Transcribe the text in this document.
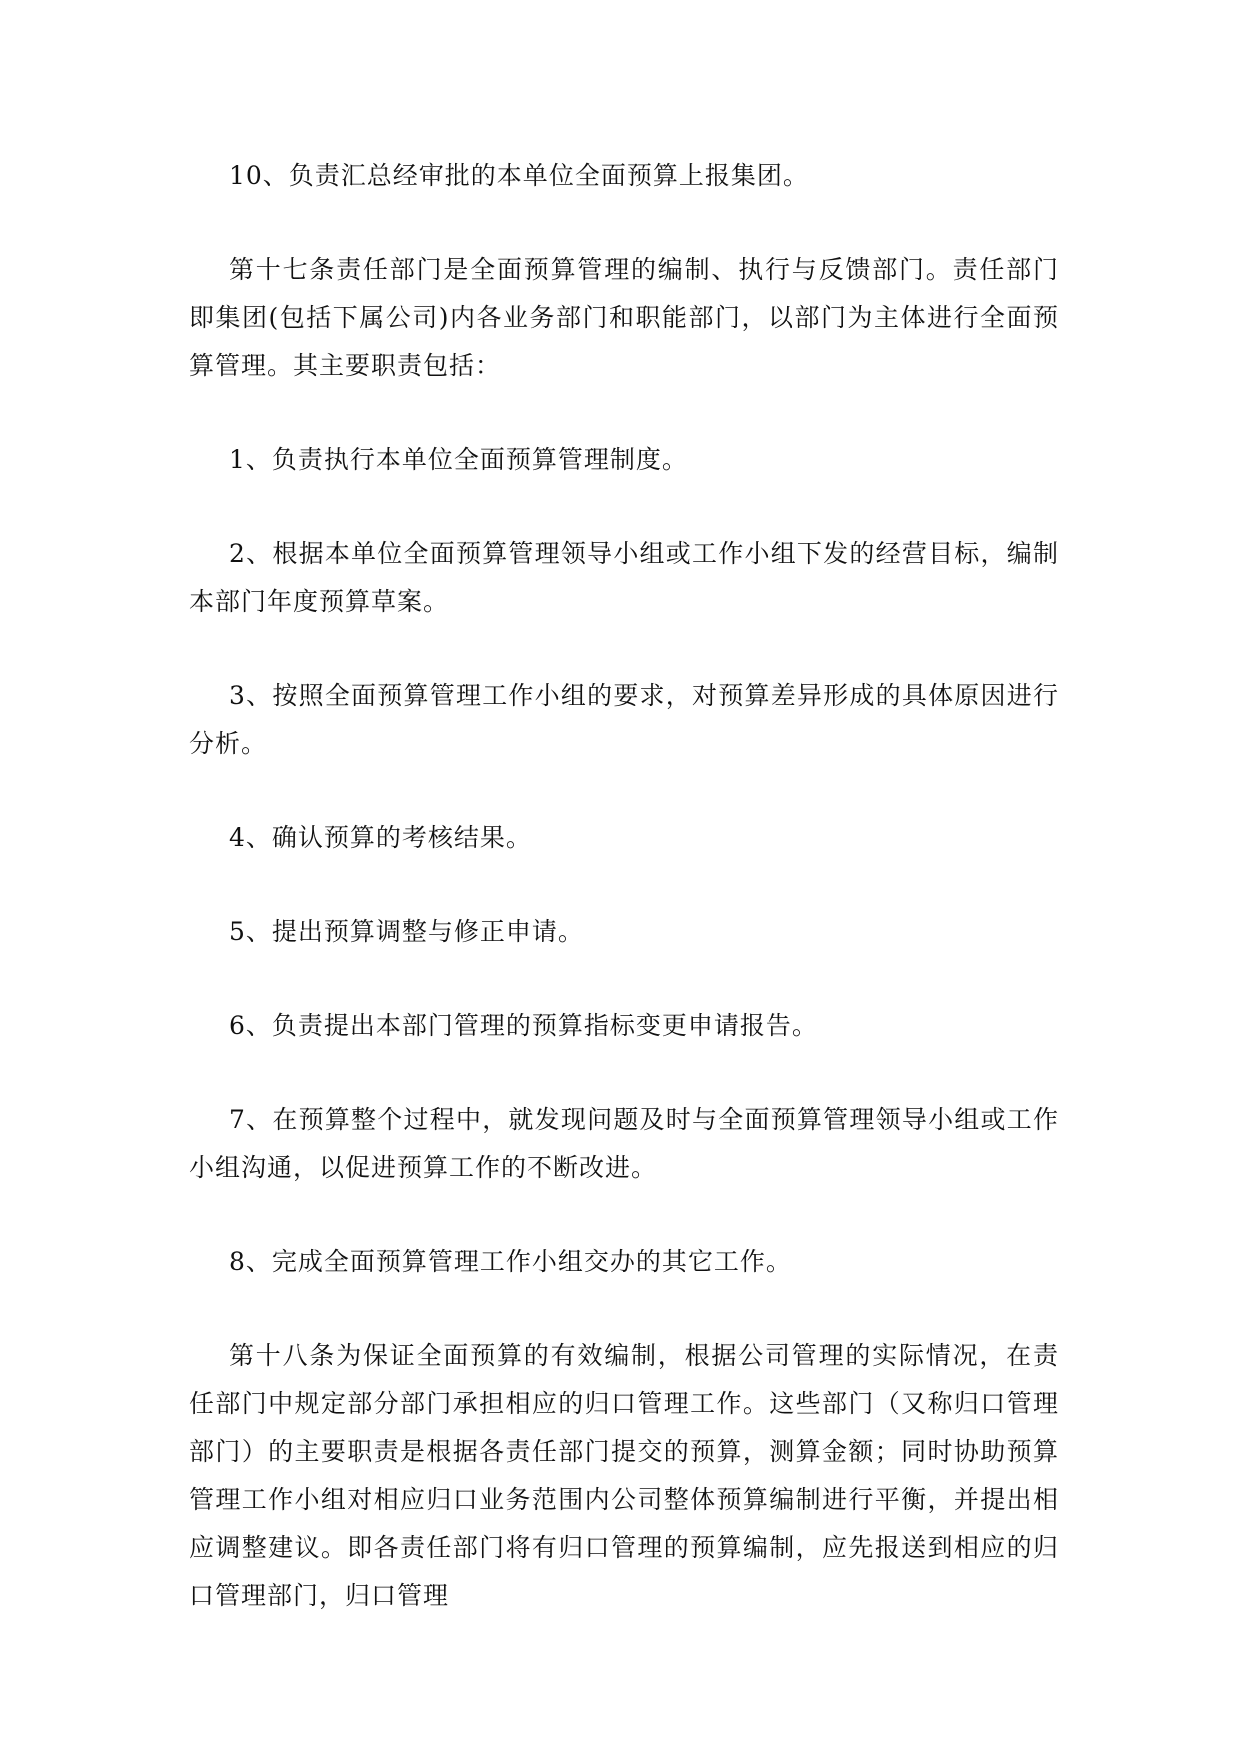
10、负责汇总经审批的本单位全面预算上报集团。

第十七条责任部门是全面预算管理的编制、执行与反馈部门。责任部门即集团(包括下属公司)内各业务部门和职能部门，以部门为主体进行全面预算管理。其主要职责包括：

1、负责执行本单位全面预算管理制度。

2、根据本单位全面预算管理领导小组或工作小组下发的经营目标，编制本部门年度预算草案。

3、按照全面预算管理工作小组的要求，对预算差异形成的具体原因进行分析。

4、确认预算的考核结果。

5、提出预算调整与修正申请。

6、负责提出本部门管理的预算指标变更申请报告。

7、在预算整个过程中，就发现问题及时与全面预算管理领导小组或工作小组沟通，以促进预算工作的不断改进。

8、完成全面预算管理工作小组交办的其它工作。

第十八条为保证全面预算的有效编制，根据公司管理的实际情况，在责任部门中规定部分部门承担相应的归口管理工作。这些部门（又称归口管理部门）的主要职责是根据各责任部门提交的预算，测算金额；同时协助预算管理工作小组对相应归口业务范围内公司整体预算编制进行平衡，并提出相应调整建议。即各责任部门将有归口管理的预算编制，应先报送到相应的归口管理部门，归口管理
